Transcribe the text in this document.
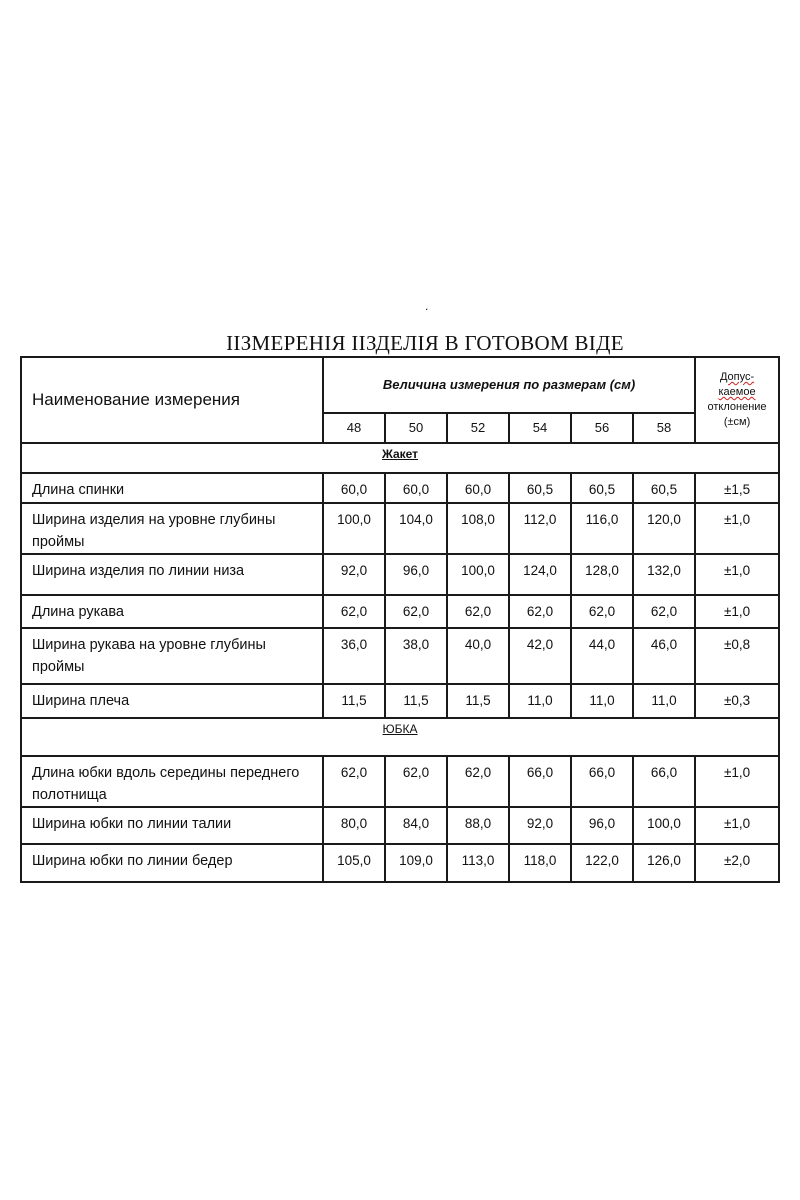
.
ІІЗМЕРЕНІЯ ІІЗДЕЛІЯ В ГОТОВОМ ВІДЕ
Наименование измерения	Величина измерения по размерам (см)						Допус-
каемое
отклонение
(±см)
	48	50	52	54	56	58	
Жакет							
Длина спинки	60,0	60,0	60,0	60,5	60,5	60,5	±1,5
Ширина изделия на уровне глубины проймы	100,0	104,0	108,0	112,0	116,0	120,0	±1,0
Ширина изделия по линии низа	92,0	96,0	100,0	124,0	128,0	132,0	±1,0
Длина рукава	62,0	62,0	62,0	62,0	62,0	62,0	±1,0
Ширина рукава на уровне глубины проймы	36,0	38,0	40,0	42,0	44,0	46,0	±0,8
Ширина плеча	11,5	11,5	11,5	11,0	11,0	11,0	±0,3
ЮБКА							
Длина юбки вдоль середины переднего полотнища	62,0	62,0	62,0	66,0	66,0	66,0	±1,0
Ширина юбки по линии талии	80,0	84,0	88,0	92,0	96,0	100,0	±1,0
Ширина юбки по линии бедер	105,0	109,0	113,0	118,0	122,0	126,0	±2,0
